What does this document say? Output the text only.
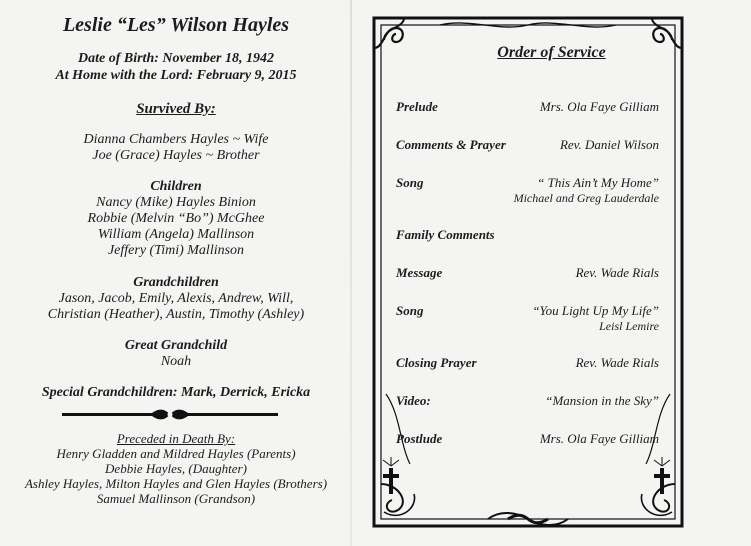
Leslie “Les” Wilson Hayles
Date of Birth: November 18, 1942
At Home with the Lord: February 9, 2015
Survived By:
Dianna Chambers Hayles ~ Wife
Joe (Grace) Hayles ~ Brother
Children
Nancy (Mike) Hayles Binion
Robbie (Melvin “Bo”) McGhee
William (Angela) Mallinson
Jeffery (Timi) Mallinson
Grandchildren
Jason, Jacob, Emily, Alexis, Andrew, Will,
Christian (Heather), Austin, Timothy (Ashley)
Great Grandchild
Noah
Special Grandchildren: Mark, Derrick, Ericka
Preceded in Death By:
Henry Gladden and Mildred Hayles (Parents)
Debbie Hayles, (Daughter)
Ashley Hayles, Milton Hayles and Glen Hayles (Brothers)
Samuel Mallinson (Grandson)
Order of Service
Prelude	Mrs. Ola Faye Gilliam
Comments & Prayer	Rev. Daniel Wilson
Song	“ This Ain’t My Home”
Michael and Greg Lauderdale
Family Comments
Message	Rev. Wade Rials
Song	“You Light Up My Life”
Leisl Lemire
Closing Prayer	Rev. Wade Rials
Video:	“Mansion in the Sky”
Postlude	Mrs. Ola Faye Gilliam
